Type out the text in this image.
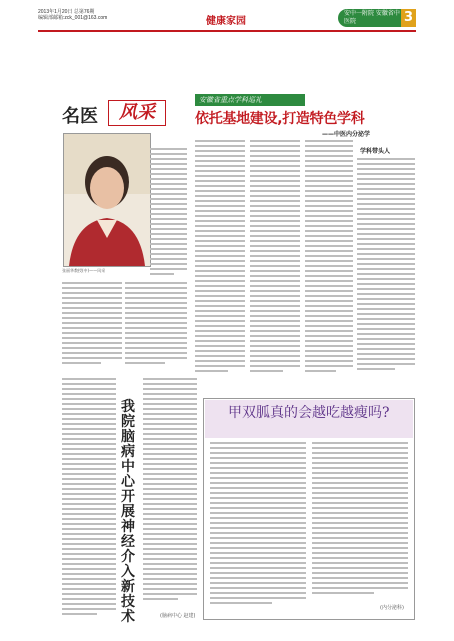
2013年1月20日 总第76期
编辑部邮箱:zck_001@163.com	健康家园
安中一附院 安徽省中医院	3
名医	风采
张丽华教授(中)——风采
安徽省重点学科巡礼
依托基地建设,打造特色学科
——中医内分泌学
学科带头人
我院脑病中心开展神经介入新技术	(脑病中心 赵建)
甲双胍真的会越吃越瘦吗?
(内分泌科)
